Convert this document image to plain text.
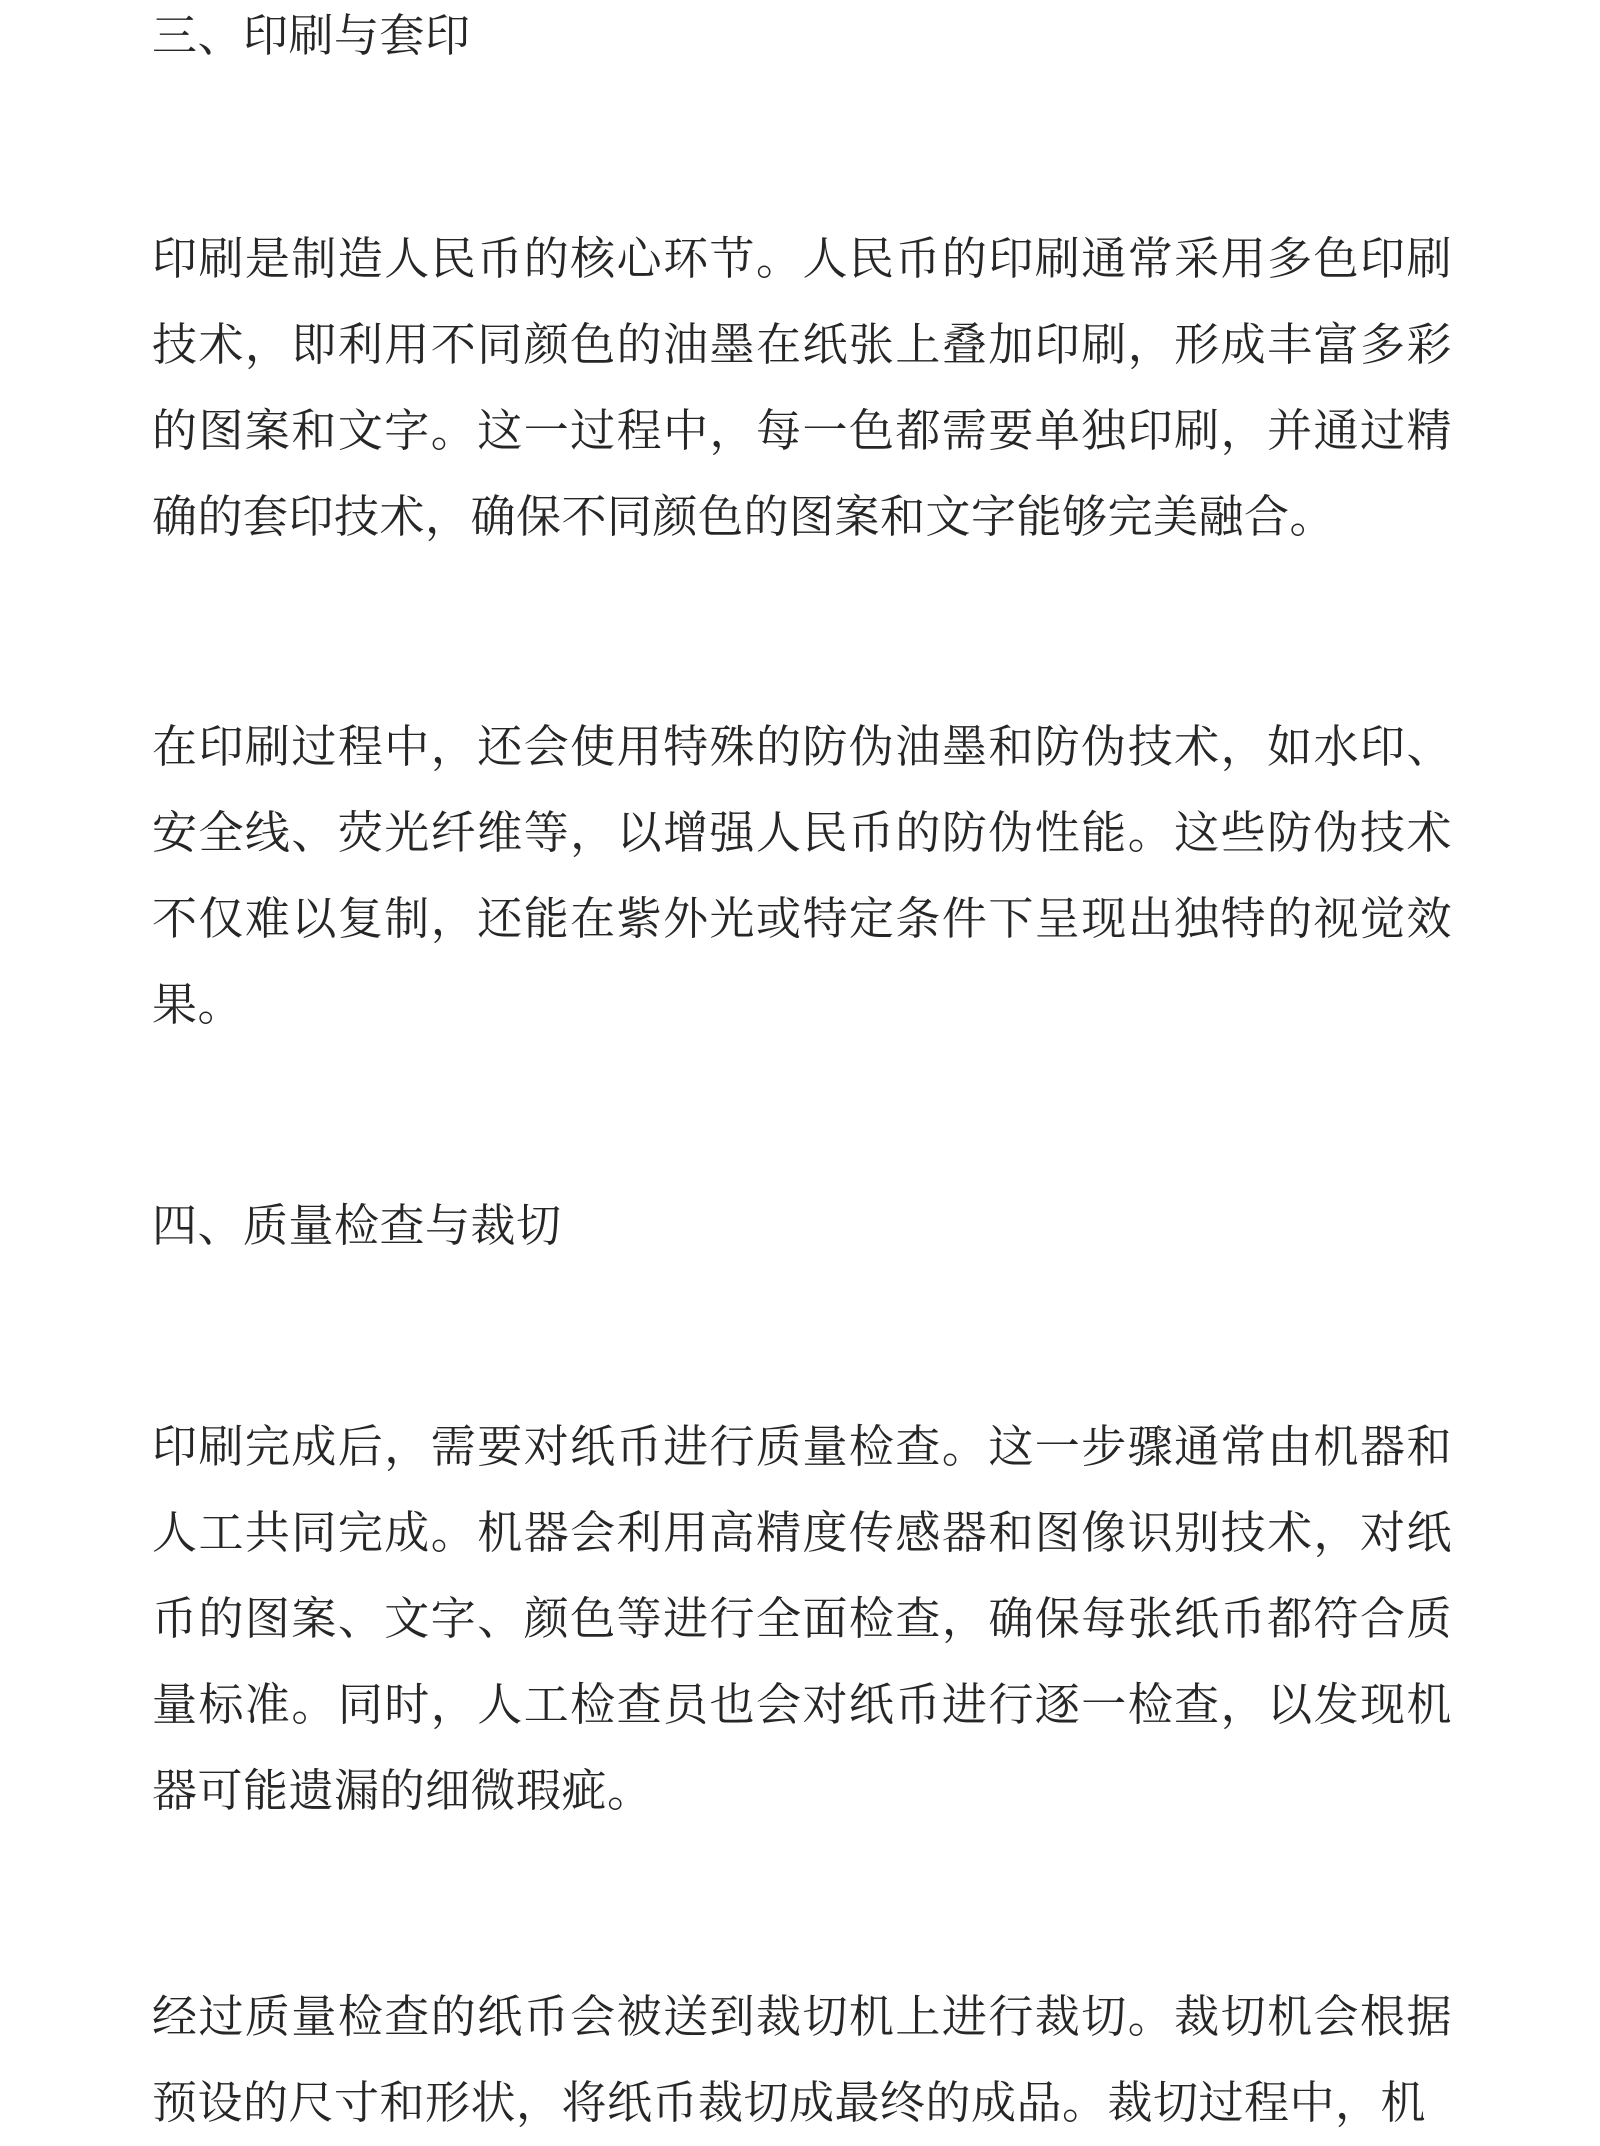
三、印刷与套印

印刷是制造人民币的核心环节。人民币的印刷通常采用多色印刷技术，即利用不同颜色的油墨在纸张上叠加印刷，形成丰富多彩的图案和文字。这一过程中，每一色都需要单独印刷，并通过精确的套印技术，确保不同颜色的图案和文字能够完美融合。

在印刷过程中，还会使用特殊的防伪油墨和防伪技术，如水印、安全线、荧光纤维等，以增强人民币的防伪性能。这些防伪技术不仅难以复制，还能在紫外光或特定条件下呈现出独特的视觉效果。

四、质量检查与裁切

印刷完成后，需要对纸币进行质量检查。这一步骤通常由机器和人工共同完成。机器会利用高精度传感器和图像识别技术，对纸币的图案、文字、颜色等进行全面检查，确保每张纸币都符合质量标准。同时，人工检查员也会对纸币进行逐一检查，以发现机器可能遗漏的细微瑕疵。

经过质量检查的纸币会被送到裁切机上进行裁切。裁切机会根据预设的尺寸和形状，将纸币裁切成最终的成品。裁切过程中，机
